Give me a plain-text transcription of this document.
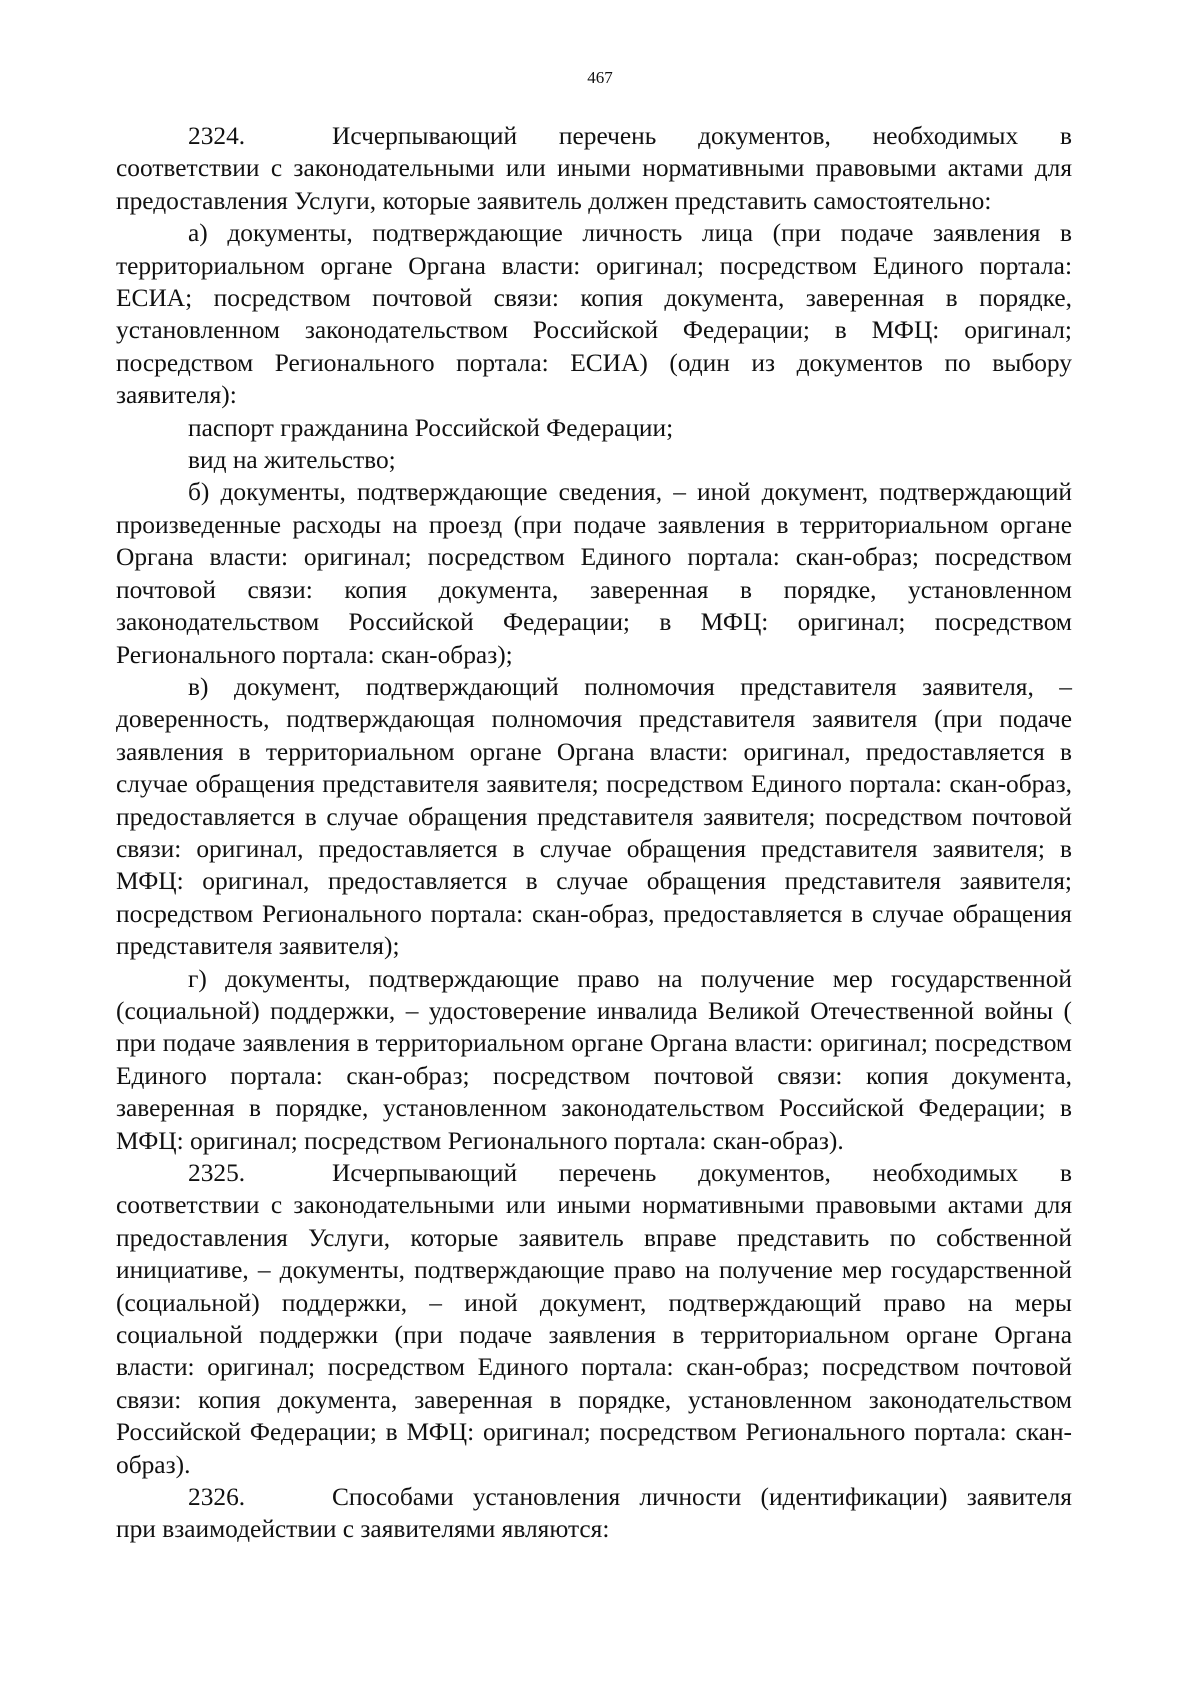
467
2324.	Исчерпывающий перечень документов, необходимых в

соответствии с законодательными или иными нормативными правовыми актами для предоставления Услуги, которые заявитель должен представить самостоятельно:

а) документы, подтверждающие личность лица (при подаче заявления в территориальном органе Органа власти: оригинал; посредством Единого портала: ЕСИА; посредством почтовой связи: копия документа, заверенная в порядке, установленном законодательством Российской Федерации; в МФЦ: оригинал; посредством Регионального портала: ЕСИА) (один из документов по выбору заявителя):

паспорт гражданина Российской Федерации;

вид на жительство;

б) документы, подтверждающие сведения, – иной документ, подтверждающий произведенные расходы на проезд (при подаче заявления в территориальном органе Органа власти: оригинал; посредством Единого портала: скан-образ; посредством почтовой связи: копия документа, заверенная в порядке, установленном законодательством Российской Федерации; в МФЦ: оригинал; посредством Регионального портала: скан-образ);

в) документ, подтверждающий полномочия представителя заявителя, – доверенность, подтверждающая полномочия представителя заявителя (при подаче заявления в территориальном органе Органа власти: оригинал, предоставляется в случае обращения представителя заявителя; посредством Единого портала: скан-образ, предоставляется в случае обращения представителя заявителя; посредством почтовой связи: оригинал, предоставляется в случае обращения представителя заявителя; в МФЦ: оригинал, предоставляется в случае обращения представителя заявителя; посредством Регионального портала: скан-образ, предоставляется в случае обращения представителя заявителя);

г) документы, подтверждающие право на получение мер государственной (социальной) поддержки, – удостоверение инвалида Великой Отечественной войны ( при подаче заявления в территориальном органе Органа власти: оригинал; посредством Единого портала: скан-образ; посредством почтовой связи: копия документа, заверенная в порядке, установленном законодательством Российской Федерации; в МФЦ: оригинал; посредством Регионального портала: скан-образ).

2325.	Исчерпывающий перечень документов, необходимых в

соответствии с законодательными или иными нормативными правовыми актами для предоставления Услуги, которые заявитель вправе представить по собственной инициативе, – документы, подтверждающие право на получение мер государственной (социальной) поддержки, – иной документ, подтверждающий право на меры социальной поддержки (при подаче заявления в территориальном органе Органа власти: оригинал; посредством Единого портала: скан-образ; посредством почтовой связи: копия документа, заверенная в порядке, установленном законодательством Российской Федерации; в МФЦ: оригинал; посредством Регионального портала: скан-образ).

2326.	Способами установления личности (идентификации) заявителя

при взаимодействии с заявителями являются:
